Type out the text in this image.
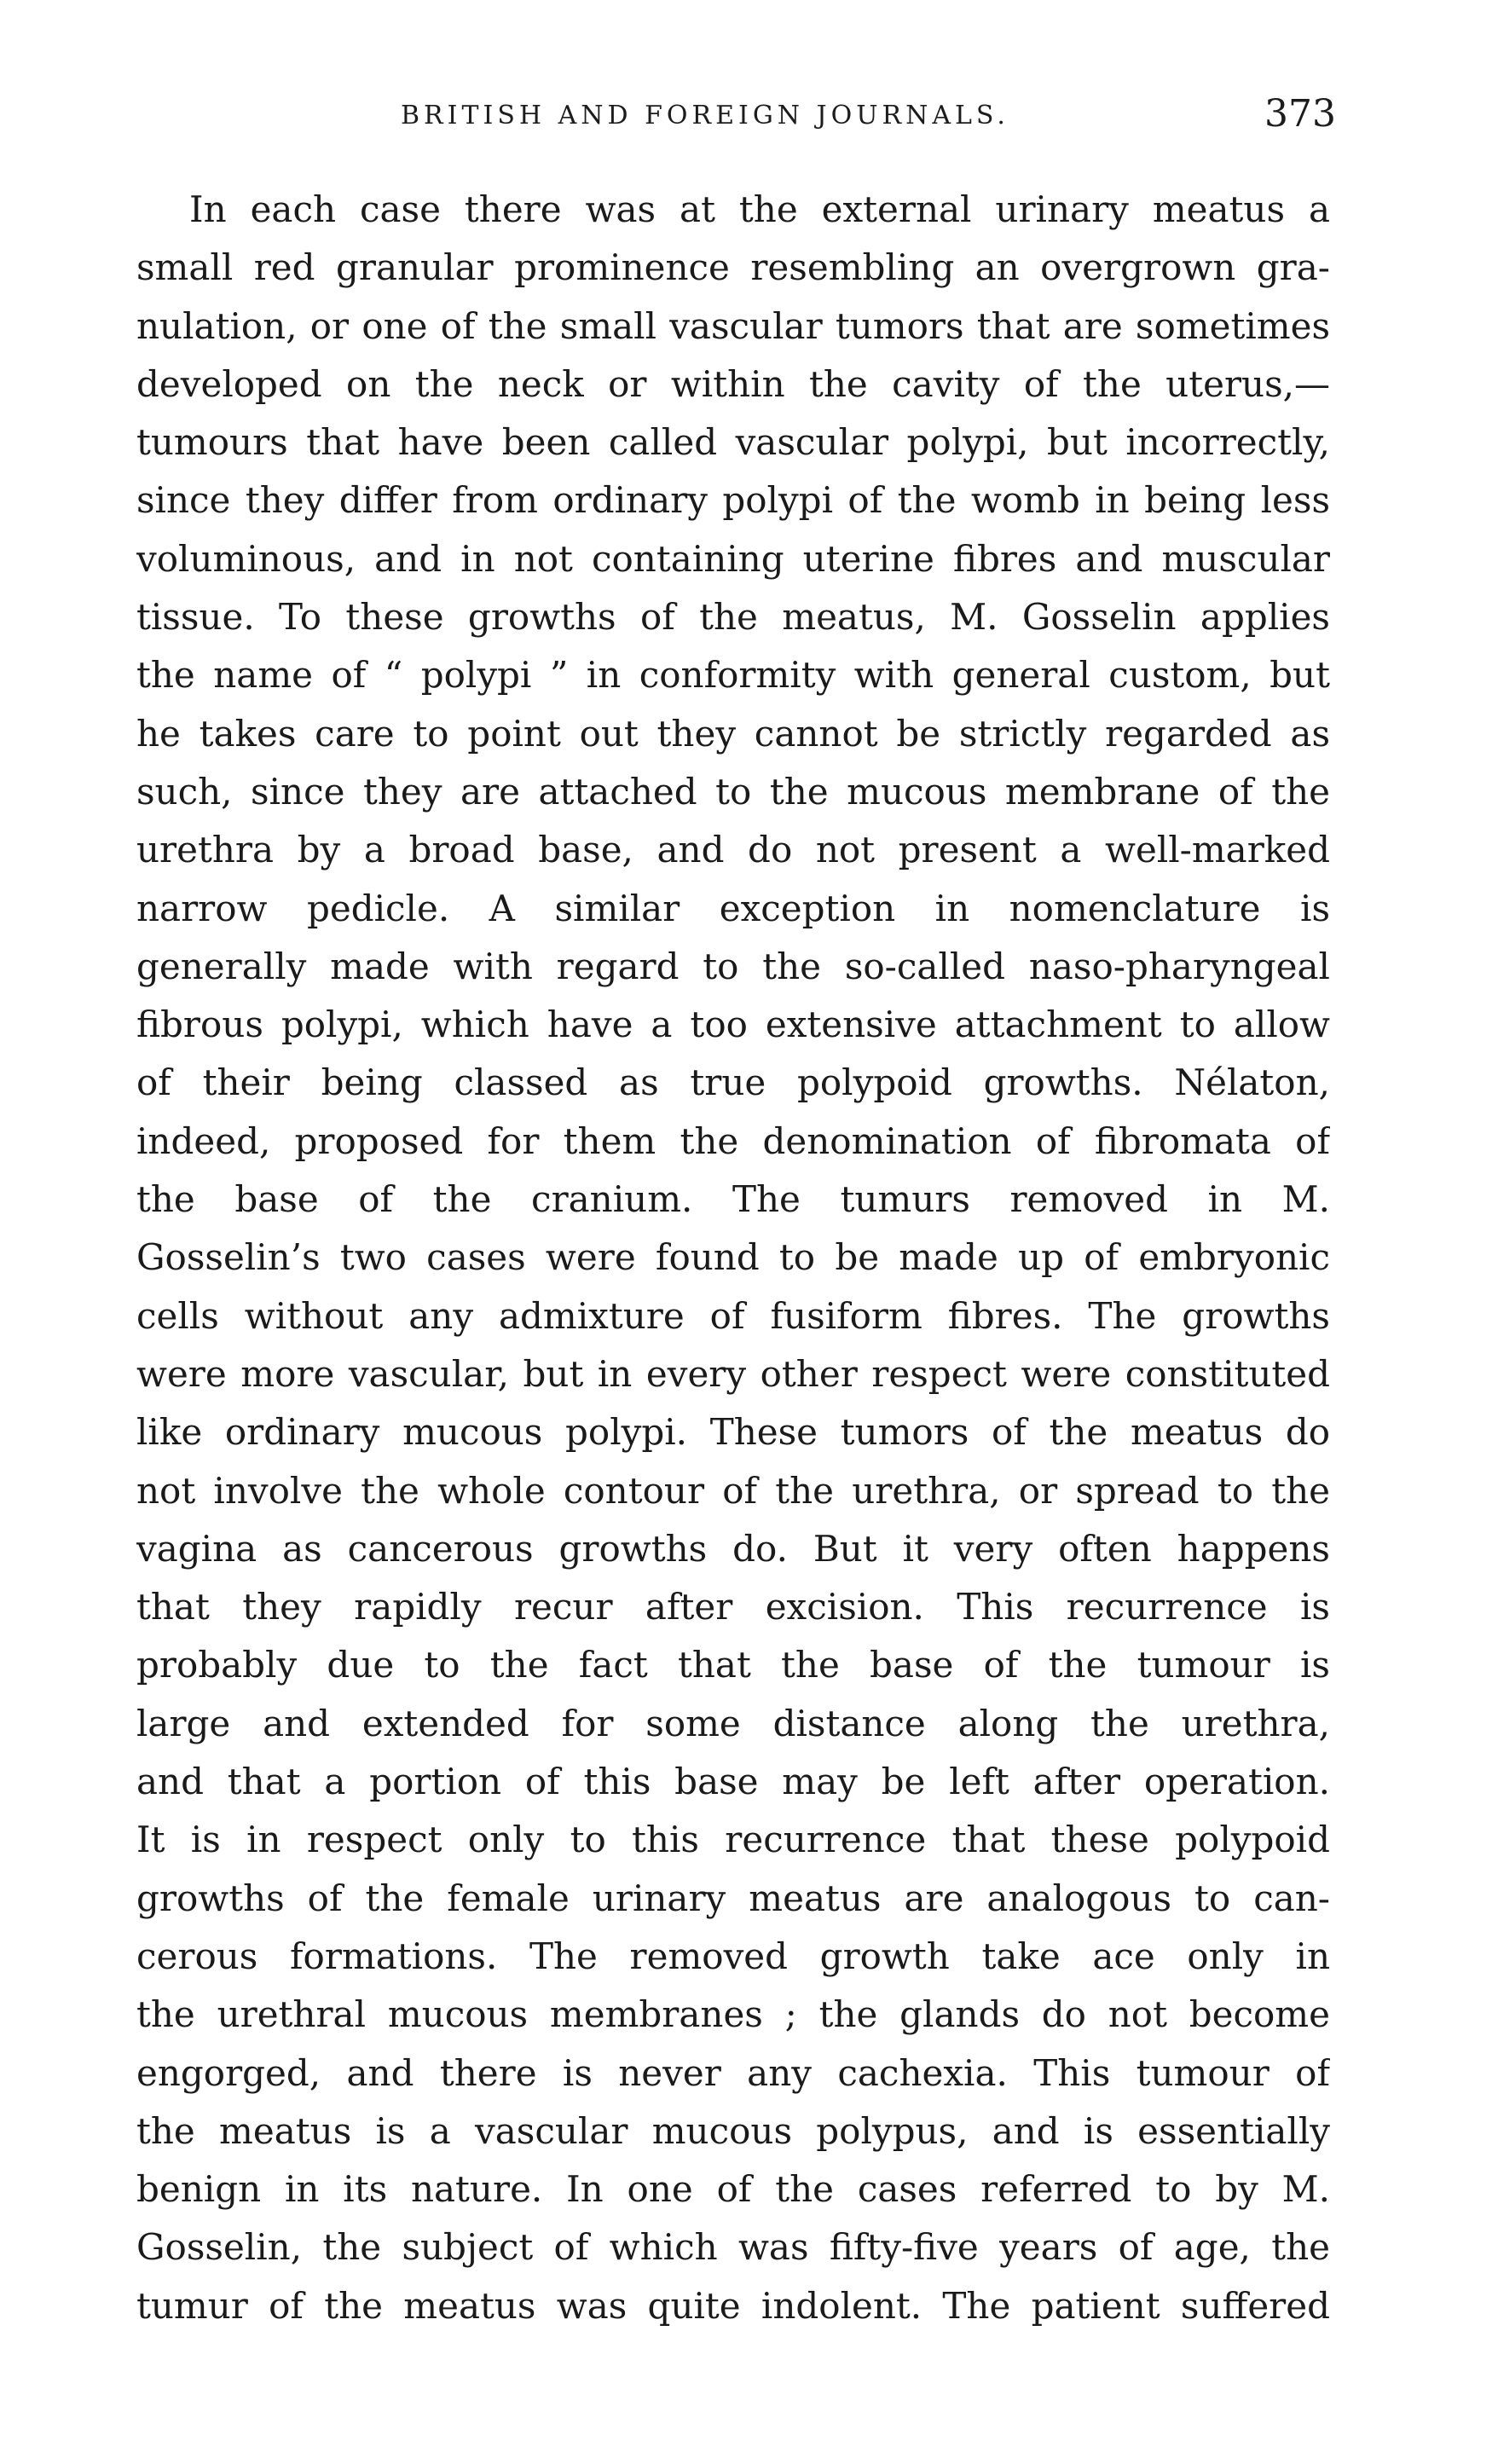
BRITISH AND FOREIGN JOURNALS.	373
In each case there was at the external urinary meatus a
small red granular prominence resembling an overgrown gra-
nulation, or one of the small vascular tumors that are sometimes
developed on the neck or within the cavity of the uterus,—
tumours that have been called vascular polypi, but incorrectly,
since they differ from ordinary polypi of the womb in being less
voluminous, and in not containing uterine fibres and muscular
tissue. To these growths of the meatus, M. Gosselin applies
the name of “ polypi ” in conformity with general custom, but
he takes care to point out they cannot be strictly regarded as
such, since they are attached to the mucous membrane of the
urethra by a broad base, and do not present a well-marked
narrow pedicle. A similar exception in nomenclature is
generally made with regard to the so-called naso-pharyngeal
fibrous polypi, which have a too extensive attachment to allow
of their being classed as true polypoid growths. Nélaton,
indeed, proposed for them the denomination of fibromata of
the base of the cranium. The tumurs removed in M.
Gosselin’s two cases were found to be made up of embryonic
cells without any admixture of fusiform fibres. The growths
were more vascular, but in every other respect were constituted
like ordinary mucous polypi. These tumors of the meatus do
not involve the whole contour of the urethra, or spread to the
vagina as cancerous growths do. But it very often happens
that they rapidly recur after excision. This recurrence is
probably due to the fact that the base of the tumour is
large and extended for some distance along the urethra,
and that a portion of this base may be left after operation.
It is in respect only to this recurrence that these polypoid
growths of the female urinary meatus are analogous to can-
cerous formations. The removed growth take ace only in
the urethral mucous membranes ; the glands do not become
engorged, and there is never any cachexia. This tumour of
the meatus is a vascular mucous polypus, and is essentially
benign in its nature. In one of the cases referred to by M.
Gosselin, the subject of which was fifty-five years of age, the
tumur of the meatus was quite indolent. The patient suffered
